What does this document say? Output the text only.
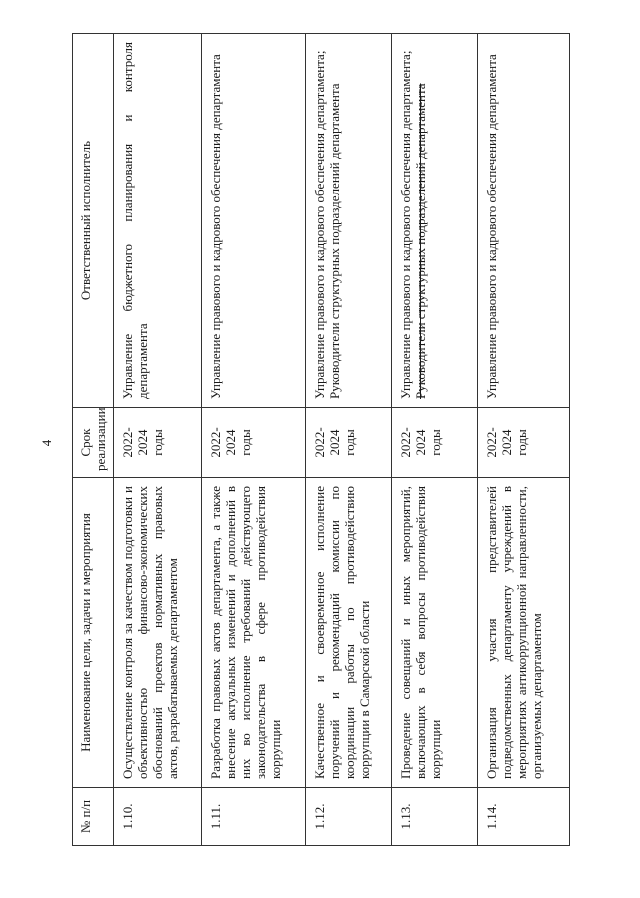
4
№ п/п	Наименование цели, задачи и мероприятия	Срок реализации	Ответственный исполнитель
1.10.	Осуществление контроля за качеством подготовки и объективностью финансово-экономических обоснований проектов нормативных правовых актов, разрабатываемых департаментом	2022-2024 годы	Управление бюджетного планирования и контроля департамента
1.11.	Разработка правовых актов департамента, а также внесение актуальных изменений и дополнений в них во исполнение требований действующего законодательства в сфере противодействия коррупции	2022-2024 годы	Управление правового и кадрового обеспечения департамента
1.12.	Качественное и своевременное исполнение поручений и рекомендаций комиссии по координации работы по противодействию коррупции в Самарской области	2022-2024 годы	Управление правового и кадрового обеспечения департамента; Руководители структурных подразделений департамента

1.13.	Проведение совещаний и иных мероприятий, включающих в себя вопросы противодействия коррупции	2022-2024 годы	Управление правового и кадрового обеспечения департамента; Руководители структурных подразделений департамента

1.14.	Организация участия представителей подведомственных департаменту учреждений в мероприятиях антикоррупционной направленности, организуемых департаментом	2022-2024 годы	Управление правового и кадрового обеспечения департамента
